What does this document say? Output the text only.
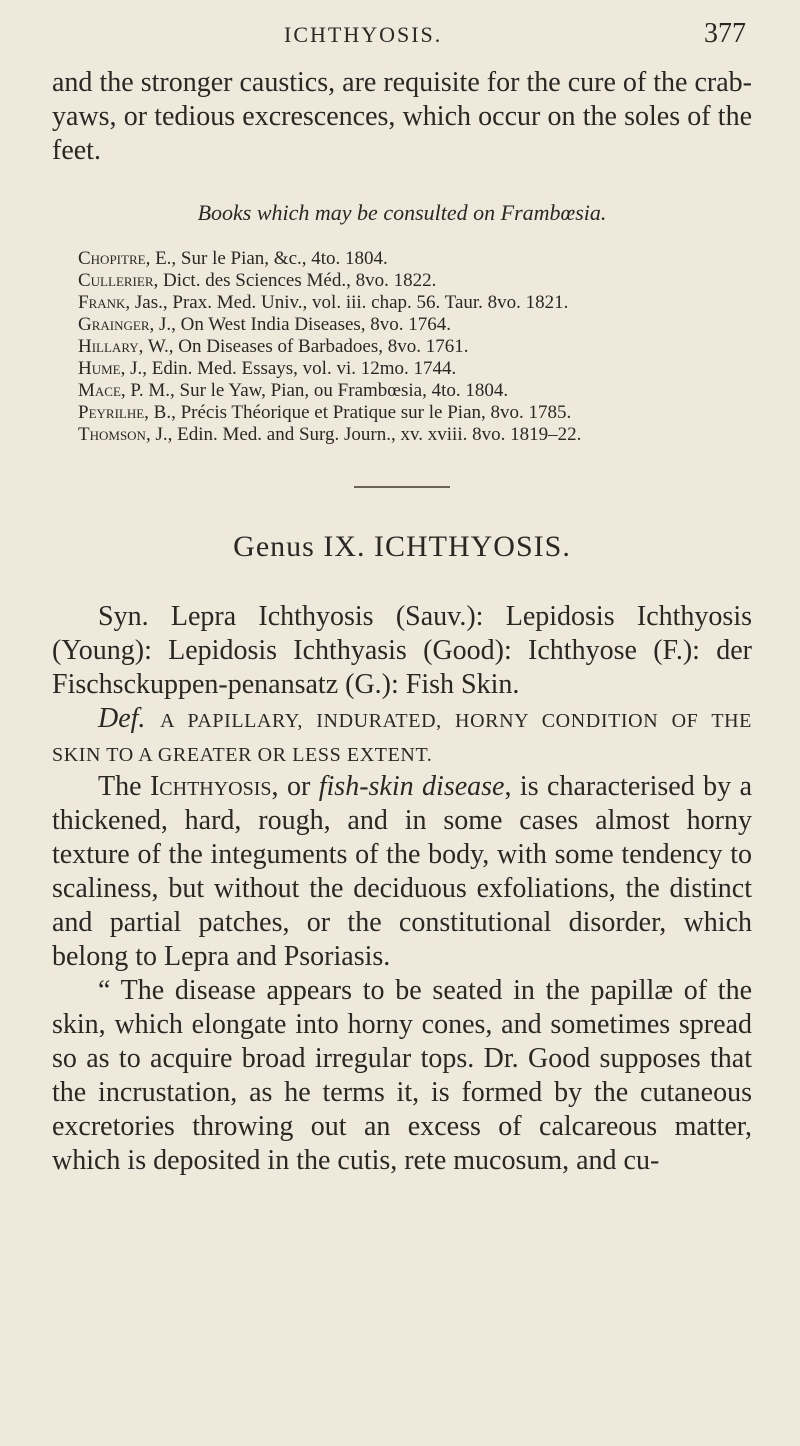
ICHTHYOSIS.	377

and the stronger caustics, are requisite for the cure of the crab-yaws, or tedious excrescences, which occur on the soles of the feet.

Books which may be consulted on Frambœsia.

Chopitre, E., Sur le Pian, &c., 4to. 1804.

Cullerier, Dict. des Sciences Méd., 8vo. 1822.

Frank, Jas., Prax. Med. Univ., vol. iii. chap. 56. Taur. 8vo. 1821.

Grainger, J., On West India Diseases, 8vo. 1764.

Hillary, W., On Diseases of Barbadoes, 8vo. 1761.

Hume, J., Edin. Med. Essays, vol. vi. 12mo. 1744.

Mace, P. M., Sur le Yaw, Pian, ou Frambœsia, 4to. 1804.

Peyrilhe, B., Précis Théorique et Pratique sur le Pian, 8vo. 1785.

Thomson, J., Edin. Med. and Surg. Journ., xv. xviii. 8vo. 1819–22.

Genus IX. ICHTHYOSIS.

Syn. Lepra Ichthyosis (Sauv.): Lepidosis Ichthyosis (Young): Lepidosis Ichthyasis (Good): Ichthyose (F.): der Fischsckuppen-penansatz (G.): Fish Skin.

Def. A PAPILLARY, INDURATED, HORNY CONDITION OF THE SKIN TO A GREATER OR LESS EXTENT.

The Ichthyosis, or fish-skin disease, is characterised by a thickened, hard, rough, and in some cases almost horny texture of the integuments of the body, with some tendency to scaliness, but without the deciduous exfoliations, the distinct and partial patches, or the constitutional disorder, which belong to Lepra and Psoriasis.

“ The disease appears to be seated in the papillæ of the skin, which elongate into horny cones, and sometimes spread so as to acquire broad irregular tops. Dr. Good supposes that the incrustation, as he terms it, is formed by the cutaneous excretories throwing out an excess of calcareous matter, which is deposited in the cutis, rete mucosum, and cu-
